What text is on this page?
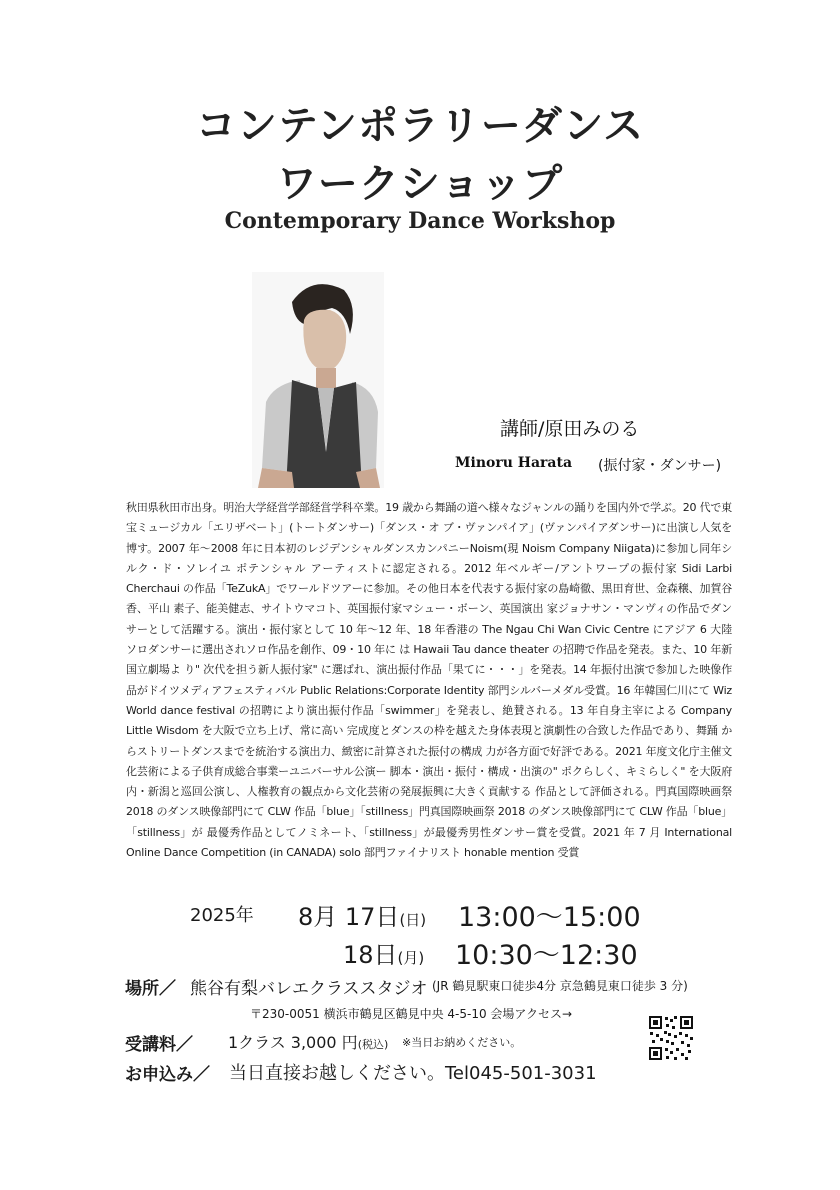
コンテンポラリーダンス
ワークショップ
Contemporary Dance Workshop
講師/原田みのる
Minoru Harata (振付家・ダンサー)

秋田県秋田市出身。明治大学経営学部経営学科卒業。19 歳から舞踊の道へ様々なジャンルの踊りを国内外で学ぶ。20 代で東宝ミュージカル「エリザベート」(トートダンサー)「ダンス・オ ブ・ヴァンパイア」(ヴァンパイアダンサー)に出演し人気を博す。2007 年～2008 年に日本初のレジデンシャルダンスカンパニーNoism(現 Noism Company Niigata)に参加し同年シルク・ド・ソレイユ ポテンシャル アーティストに認定される。2012 年ベルギー/アントワープの振付家 Sidi Larbi Cherchaui の作品「TeZukA」でワールドツアーに参加。その他日本を代表する振付家の島崎徹、黒田育世、金森穣、加賀谷香、平山 素子、能美健志、サイトウマコト、英国振付家マシュー・ボーン、英国演出 家ジョナサン・マンヴィの作品でダンサーとして活躍する。演出・振付家として 10 年～12 年、18 年香港の The Ngau Chi Wan Civic Centre にアジア 6 大陸ソロダンサーに選出されソロ作品を創作、09・10 年に は Hawaii Tau dance theater の招聘で作品を発表。また、10 年新国立劇場よ り" 次代を担う新人振付家" に選ばれ、演出振付作品「果てに・・・」を発表。14 年振付出演で参加した映像作品がドイツメディアフェスティバル Public Relations:Corporate Identity 部門シルバーメダル受賞。16 年韓国仁川にて Wiz World dance festival の招聘により演出振付作品「swimmer」を発表し、絶賛される。13 年自身主宰による Company Little Wisdom を大阪で立ち上げ、常に高い 完成度とダンスの枠を越えた身体表現と演劇性の合致した作品であり、舞踊 からストリートダンスまでを統治する演出力、緻密に計算された振付の構成 力が各方面で好評である。2021 年度文化庁主催文化芸術による子供育成総合事業ーユニバーサル公演ー 脚本・演出・振付・構成・出演の" ポクらしく、キミらしく" を大阪府内・新潟と巡回公演し、人権教育の観点から文化芸術の発展振興に大きく貢献する 作品として評価される。門真国際映画祭 2018 のダンス映像部門にて CLW 作品「blue」「stillness」門真国際映画祭 2018 のダンス映像部門にて CLW 作品「blue」「stillness」が 最優秀作品としてノミネート、「stillness」が最優秀男性ダンサー賞を受賞。2021 年 7 月 International Online Dance Competition (in CANADA) solo 部門ファイナリスト honable mention 受賞

2025年 8月 17日(日) 13:00～15:00
18日(月) 10:30～12:30
場所／ 熊谷有梨バレエクラススタジオ (JR 鶴見駅東口徒歩4分 京急鶴見東口徒歩 3 分)
〒230-0051 横浜市鶴見区鶴見中央 4-5-10 会場アクセス→
受講料／ 1クラス 3,000 円(税込) ※当日お納めください。
お申込み／ 当日直接お越しください。Tel045-501-3031
